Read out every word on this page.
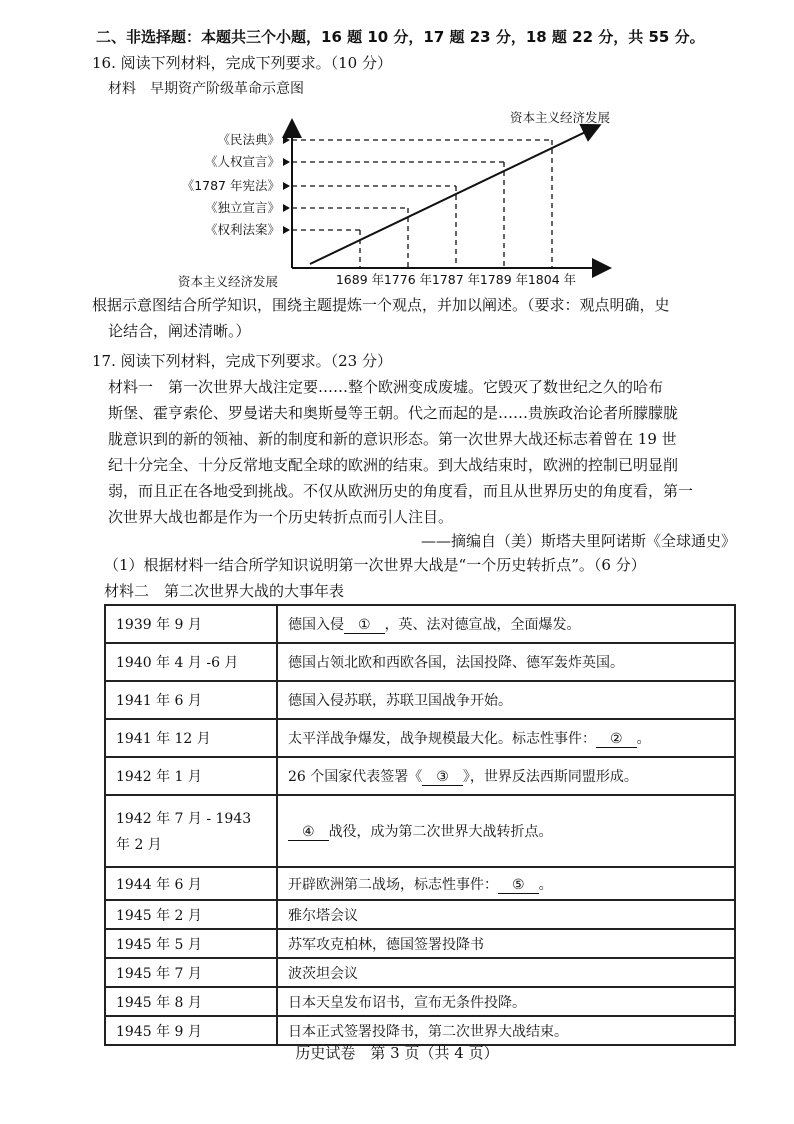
二、非选择题：本题共三个小题，16 题 10 分，17 题 23 分，18 题 22 分，共 55 分。
16. 阅读下列材料，完成下列要求。（10 分）
材料　早期资产阶级革命示意图
《权利法案》
《独立宣言》
《1787 年宪法》
《人权宣言》
《民法典》
1689 年 1776 年 1787 年 1789 年 1804 年
资本主义经济发展
资本主义经济发展
根据示意图结合所学知识，围绕主题提炼一个观点，并加以阐述。（要求：观点明确，史
论结合，阐述清晰。）
17. 阅读下列材料，完成下列要求。（23 分）
材料一　第一次世界大战注定要……整个欧洲变成废墟。它毁灭了数世纪之久的哈布
斯堡、霍亨索伦、罗曼诺夫和奥斯曼等王朝。代之而起的是……贵族政治论者所朦朦胧
胧意识到的新的领袖、新的制度和新的意识形态。第一次世界大战还标志着曾在 19 世
纪十分完全、十分反常地支配全球的欧洲的结束。到大战结束时，欧洲的控制已明显削
弱，而且正在各地受到挑战。不仅从欧洲历史的角度看，而且从世界历史的角度看，第一
次世界大战也都是作为一个历史转折点而引人注目。
——摘编自（美）斯塔夫里阿诺斯《全球通史》
（1）根据材料一结合所学知识说明第一次世界大战是“一个历史转折点”。（6 分）
材料二　第二次世界大战的大事年表
1939 年 9 月	德国入侵 ① ，英、法对德宣战，全面爆发。
1940 年 4 月 -6 月	德国占领北欧和西欧各国，法国投降、德军轰炸英国。
1941 年 6 月	德国入侵苏联，苏联卫国战争开始。
1941 年 12 月	太平洋战争爆发，战争规模最大化。标志性事件： ② 。
1942 年 1 月	26 个国家代表签署《 ③ 》，世界反法西斯同盟形成。

1942 年 7 月 - 1943
年 2 月	④ 战役，成为第二次世界大战转折点。
1944 年 6 月	开辟欧洲第二战场，标志性事件： ⑤ 。
1945 年 2 月	雅尔塔会议
1945 年 5 月	苏军攻克柏林，德国签署投降书
1945 年 7 月	波茨坦会议
1945 年 8 月	日本天皇发布诏书，宣布无条件投降。
1945 年 9 月	日本正式签署投降书，第二次世界大战结束。
历史试卷　第 3 页（共 4 页）
